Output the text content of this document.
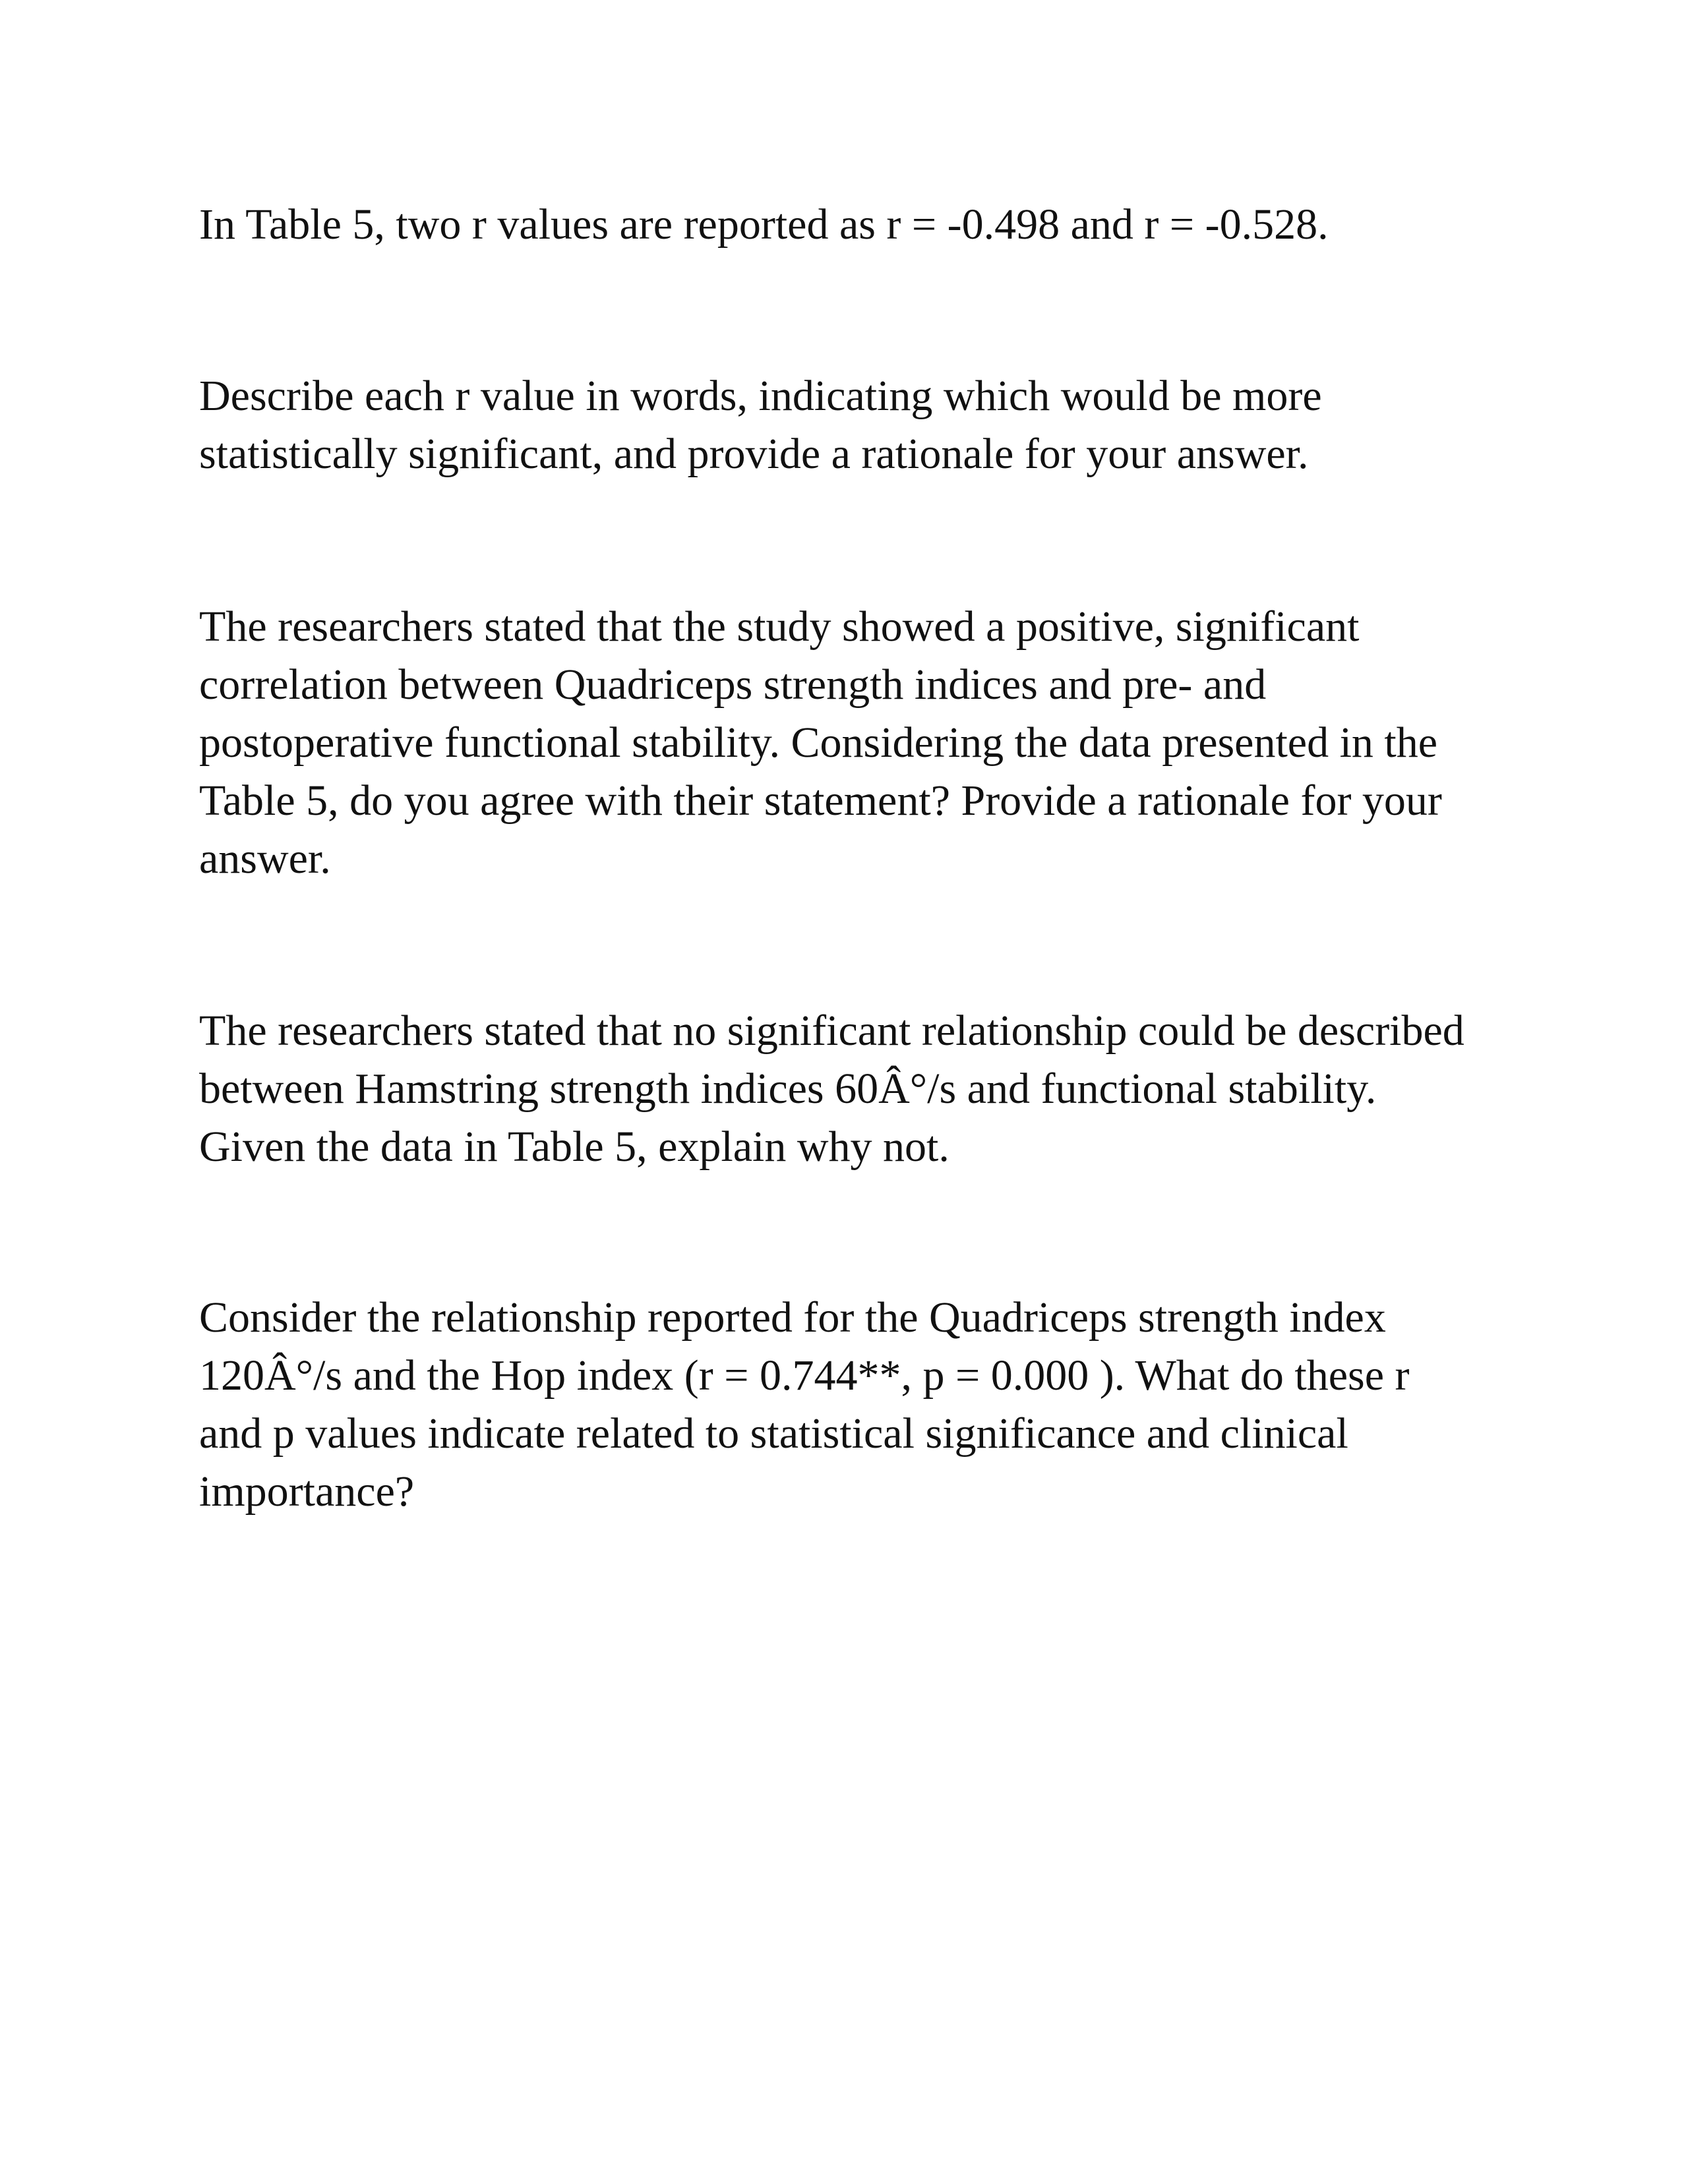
In Table 5, two r values are reported as r = -0.498 and r = -0.528.

Describe each r value in words, indicating which would be more
statistically significant, and provide a rationale for your answer.

The researchers stated that the study showed a positive, significant
correlation between Quadriceps strength indices and pre- and
postoperative functional stability. Considering the data presented in the
Table 5, do you agree with their statement? Provide a rationale for your
answer.

The researchers stated that no significant relationship could be described
between Hamstring strength indices 60Â°/s and functional stability.
Given the data in Table 5, explain why not.

Consider the relationship reported for the Quadriceps strength index
120Â°/s and the Hop index (r = 0.744**, p = 0.000 ). What do these r
and p values indicate related to statistical significance and clinical
importance?
